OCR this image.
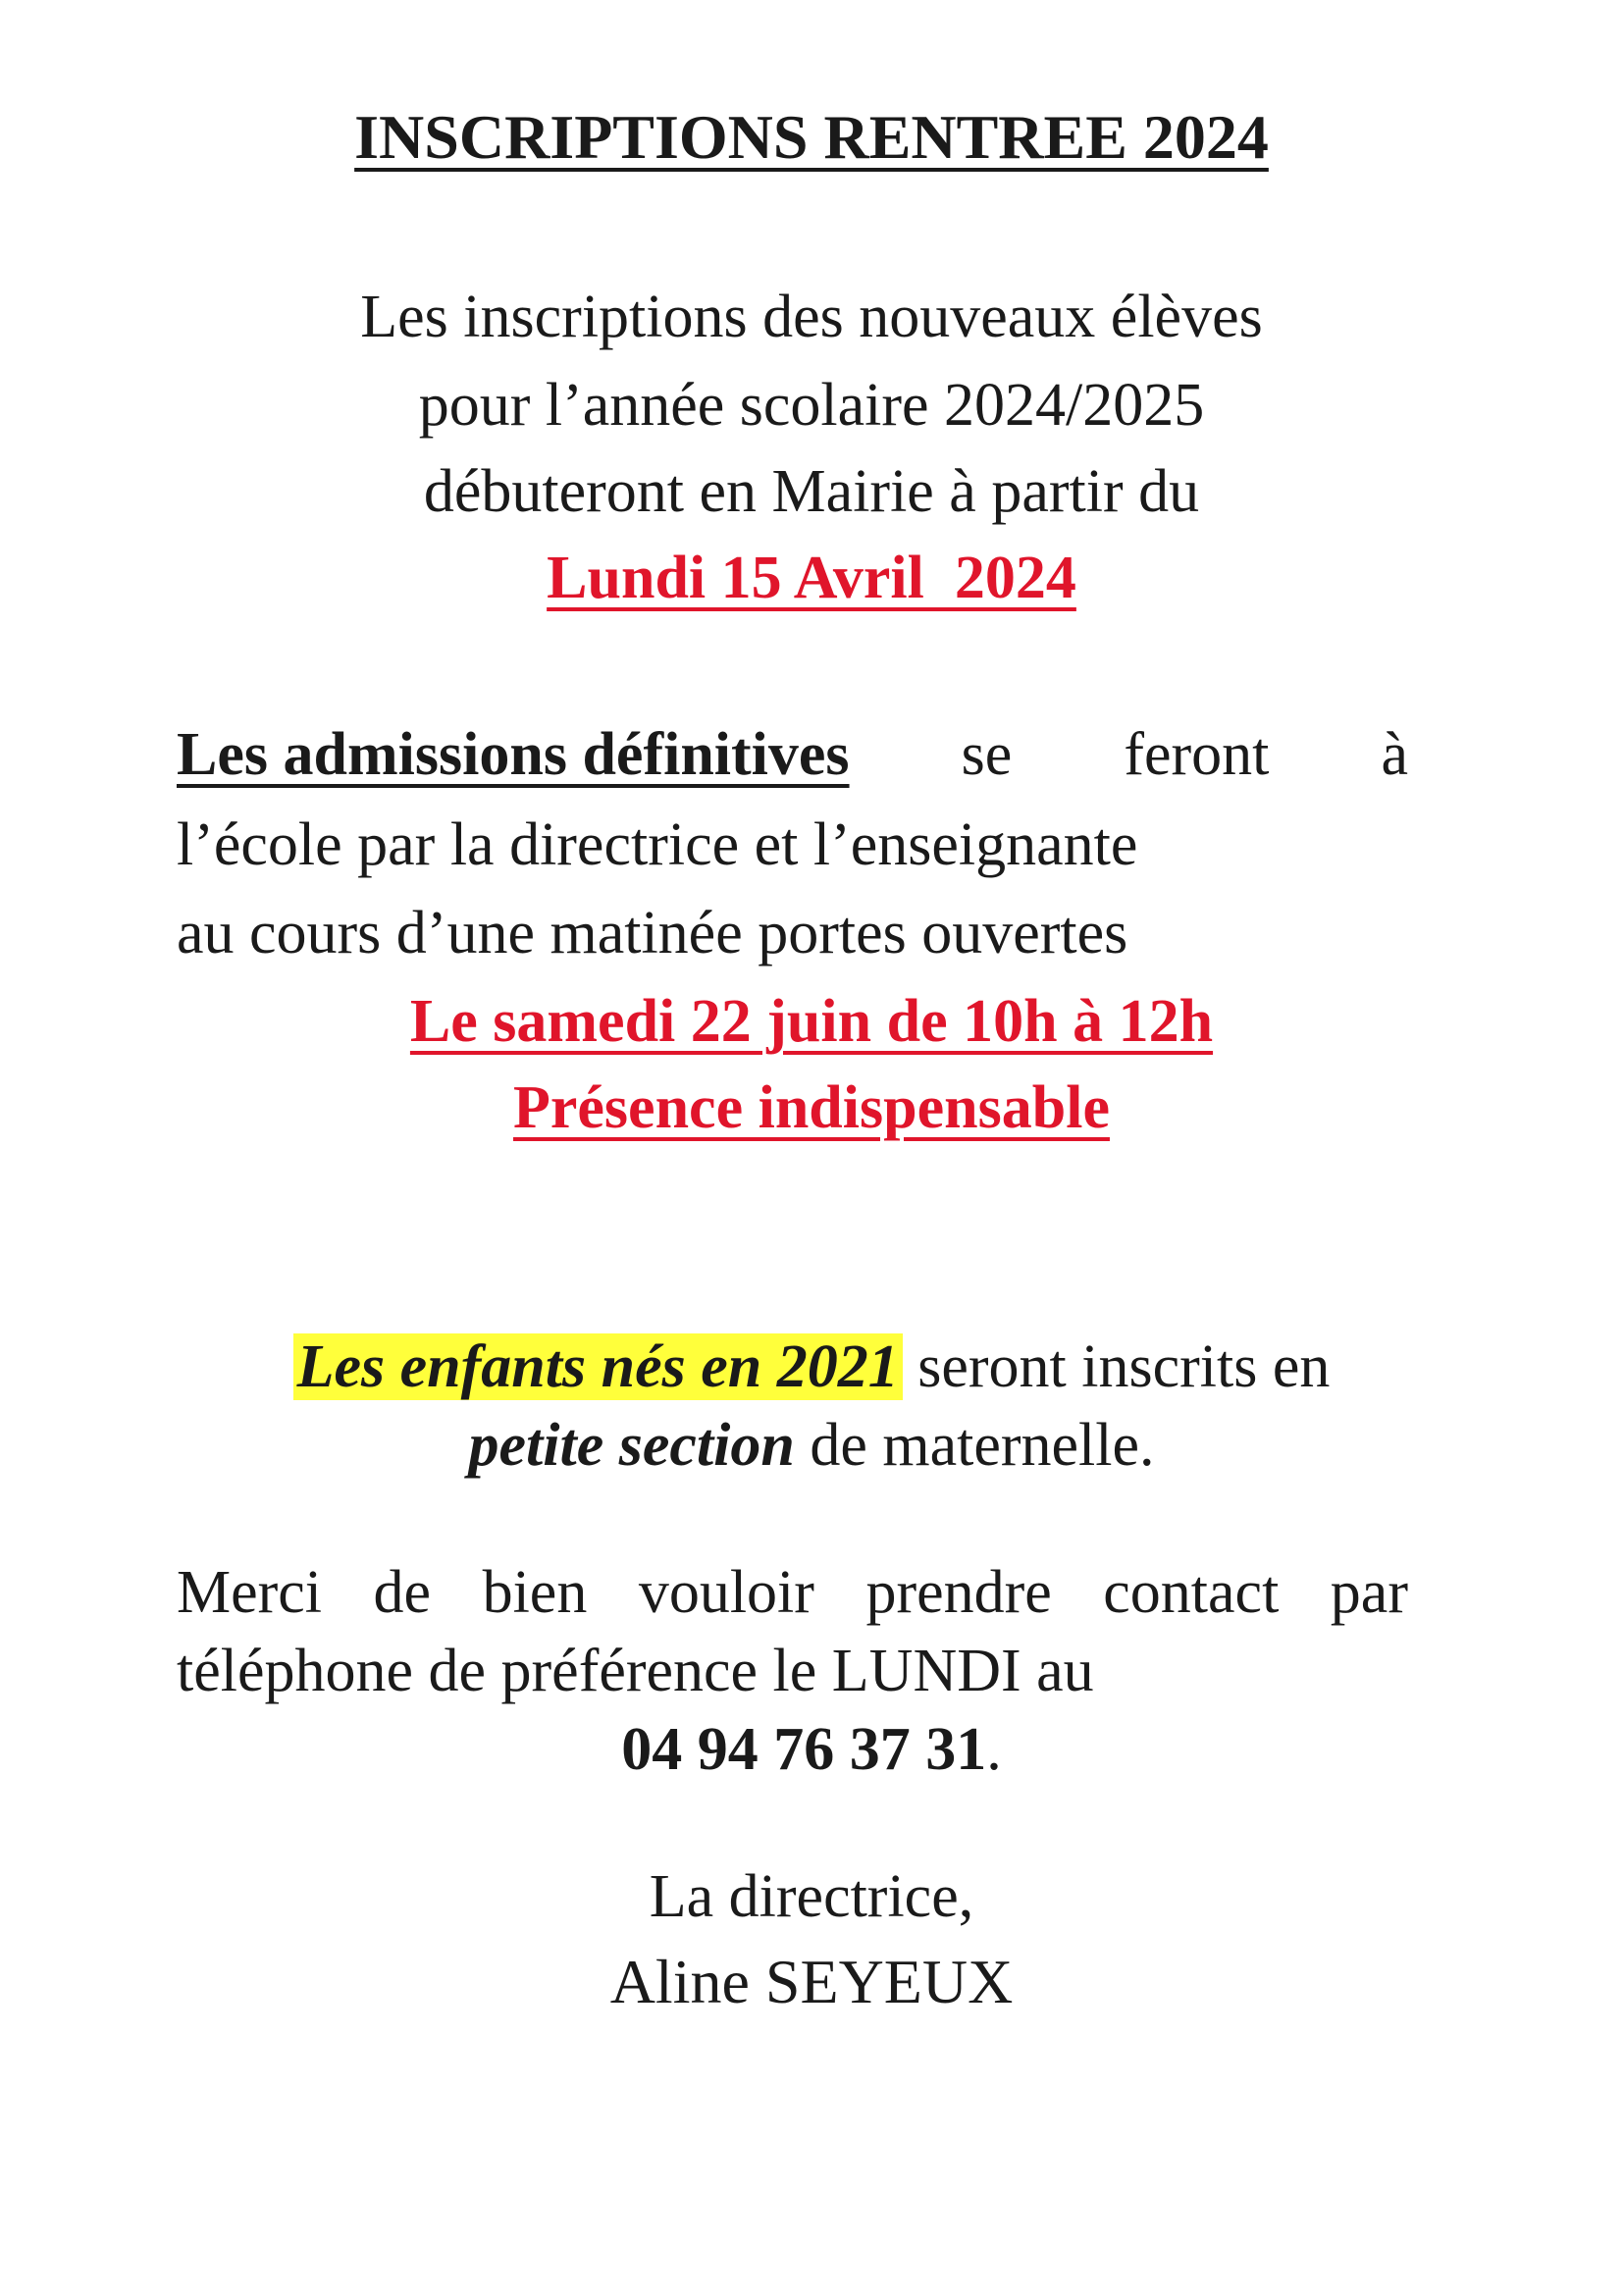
INSCRIPTIONS RENTREE 2024
Les inscriptions des nouveaux élèves
pour l’année scolaire 2024/2025
débuteront en Mairie à partir du
Lundi 15 Avril  2024
Les admissions définitives se feront à
l’école par la directrice et l’enseignante
au cours d’une matinée portes ouvertes
Le samedi 22 juin de 10h à 12h
Présence indispensable
Les enfants nés en 2021 seront inscrits en
petite section de maternelle.
Merci de bien vouloir prendre contact par
téléphone de préférence le LUNDI au
04 94 76 37 31.
La directrice,
Aline SEYEUX
